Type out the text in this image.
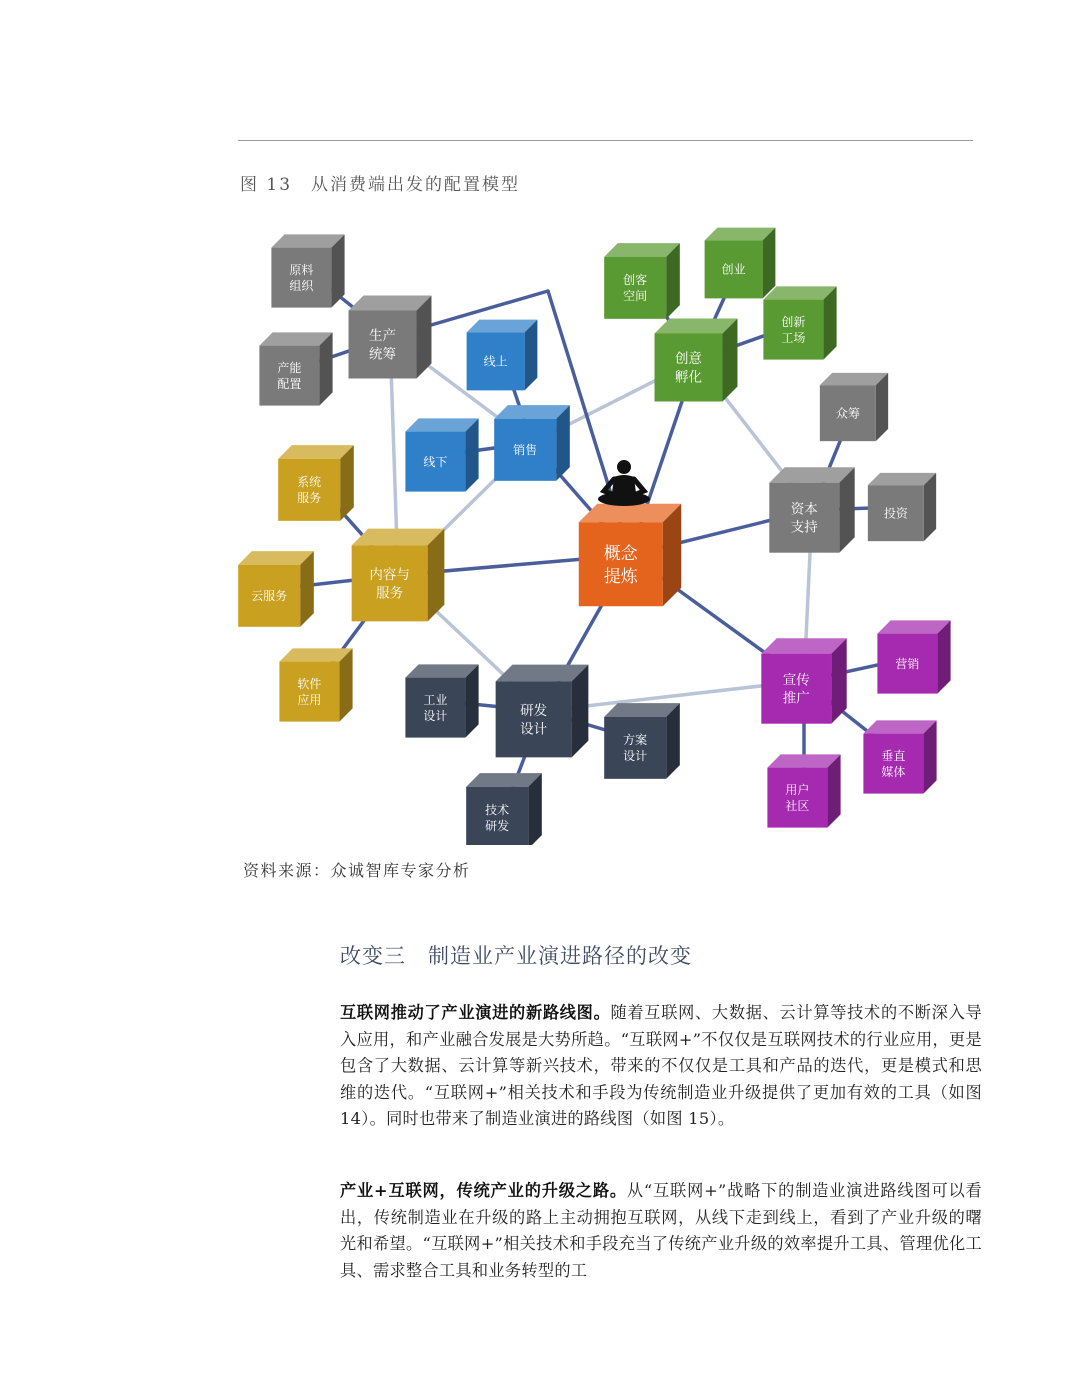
图 13　从消费端出发的配置模型
原料
组织
生产
统筹
产能
配置
创客
空间
创业
创新
工场
创意
孵化
线上
线下
销售
众筹
资本
支持
投资
系统
服务
云服务
内容与
服务
软件
应用
概念
提炼
工业
设计	研发
设计
方案
设计
技术
研发
宣传
推广
营销
垂直
媒体
用户
社区
资料来源：众诚智库专家分析
改变三　制造业产业演进路径的改变
互联网推动了产业演进的新路线图。随着互联网、大数据、云计算等技术的不断深入导入应用，和产业融合发展是大势所趋。“互联网+”不仅仅是互联网技术的行业应用，更是包含了大数据、云计算等新兴技术，带来的不仅仅是工具和产品的迭代，更是模式和思维的迭代。“互联网+”相关技术和手段为传统制造业升级提供了更加有效的工具（如图 14）。同时也带来了制造业演进的路线图（如图 15）。
产业+互联网，传统产业的升级之路。从“互联网+”战略下的制造业演进路线图可以看出，传统制造业在升级的路上主动拥抱互联网，从线下走到线上，看到了产业升级的曙光和希望。“互联网+”相关技术和手段充当了传统产业升级的效率提升工具、管理优化工具、需求整合工具和业务转型的工
